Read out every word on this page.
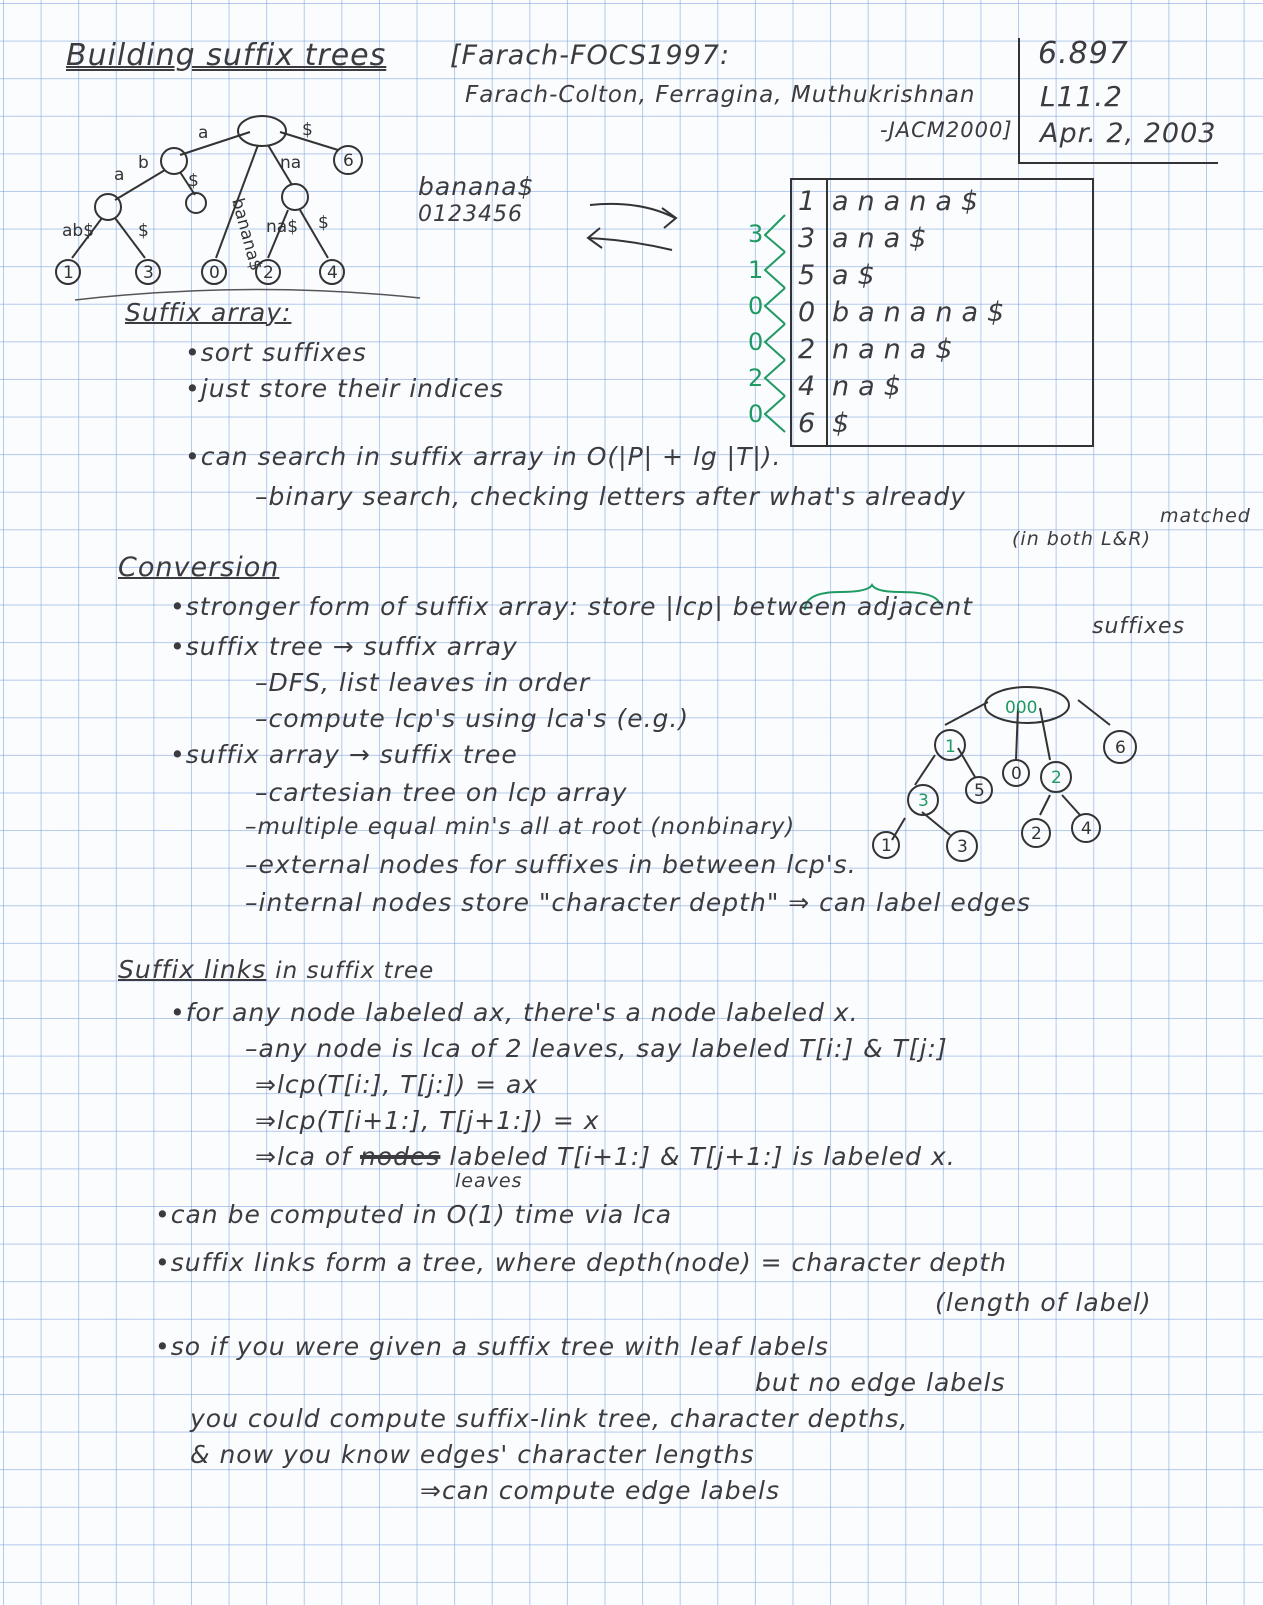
Building suffix trees [Farach-FOCS1997:
Farach-Colton, Ferragina, Muthukrishnan
-JACM2000]
6.897
L11.2
Apr. 2, 2003
a	$
b
a	$
ab$	$	banana$
na
na$ $
1	3	0	2	4
6
000
1
3
2
0
6
5
1	3
2 4
banana$
0123456	1 anana$
3 ana$
5 a$
0 banana$
2 nana$
4 na$
6 $
3
1
0
0
2
0
Suffix array:
•sort suffixes
•just store their indices
•can search in suffix array in O(|P| + lg |T|).
–binary search, checking letters after what's already
matched
(in both L&R)
Conversion
•stronger form of suffix array: store |lcp| between adjacent
suffixes
•suffix tree → suffix array
–DFS, list leaves in order
–compute lcp's using lca's (e.g.)
•suffix array → suffix tree
–cartesian tree on lcp array
–multiple equal min's all at root (nonbinary)
–external nodes for suffixes in between lcp's.
–internal nodes store "character depth" ⇒ can label edges
Suffix links in suffix tree
•for any node labeled ax, there's a node labeled x.
–any node is lca of 2 leaves, say labeled T[i:] & T[j:]
⇒lcp(T[i:], T[j:]) = ax
⇒lcp(T[i+1:], T[j+1:]) = x
⇒lca of nodes labeled T[i+1:] & T[j+1:] is labeled x.
leaves
•can be computed in O(1) time via lca
•suffix links form a tree, where depth(node) = character depth
(length of label)
•so if you were given a suffix tree with leaf labels
but no edge labels
you could compute suffix-link tree, character depths,
& now you know edges' character lengths
⇒can compute edge labels
